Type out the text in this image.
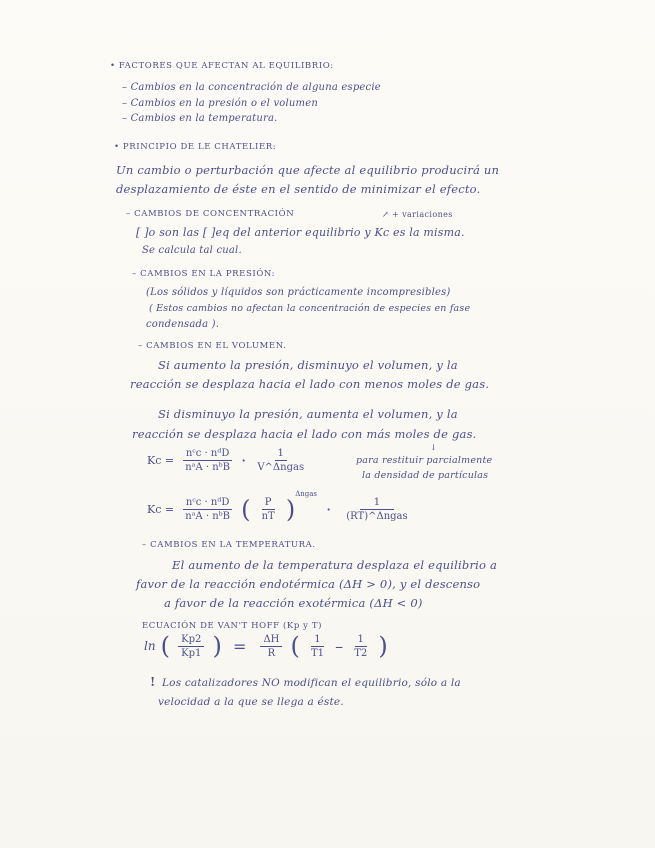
• FACTORES QUE AFECTAN AL EQUILIBRIO:
– Cambios en la concentración de alguna especie
– Cambios en la presión o el volumen
– Cambios en la temperatura.
• PRINCIPIO DE LE CHATELIER:
Un cambio o perturbación que afecte al equilibrio producirá un
desplazamiento de éste en el sentido de minimizar el efecto.
– CAMBIOS DE CONCENTRACIÓN	↗ + variaciones
[ ]o son las [ ]eq del anterior equilibrio y Kc es la misma.
Se calcula tal cual.
– CAMBIOS EN LA PRESIÓN:
(Los sólidos y líquidos son prácticamente incompresibles)
( Estos cambios no afectan la concentración de especies en fase
condensada ).
– CAMBIOS EN EL VOLUMEN.
Si aumento la presión, disminuyo el volumen, y la
reacción se desplaza hacia el lado con menos moles de gas.
Si disminuyo la presión, aumenta el volumen, y la
reacción se desplaza hacia el lado con más moles de gas.
$Kc = \frac{\text{nᶜc · nᵈD}}{\text{nᵃA · nᵇB}} \cdot \frac{1}{\text{V\textasciicircum{}Δngas}}$
↓
para restituir parcialmente
la densidad de partículas
$Kc = \frac{\text{nᶜc · nᵈD}}{\text{nᵃA · nᵇB}}$ ( $\frac{P}{nT} )^{\Delta ngas} \cdot \frac{1}{\text{(RT)\textasciicircum{}Δngas}}$
– CAMBIOS EN LA TEMPERATURA.
El aumento de la temperatura desplaza el equilibrio a
favor de la reacción endotérmica (ΔH > 0), y el descenso
a favor de la reacción exotérmica (ΔH < 0)
ECUACIÓN DE VAN'T HOFF (Kp y T)
ln ( $\frac{Kp2}{Kp1}$ ) = $\frac{\Delta H}{R}$ ( $\frac{1}{T1} - \frac{1}{T2}$ )
! Los catalizadores NO modifican el equilibrio, sólo a la
velocidad a la que se llega a éste.
